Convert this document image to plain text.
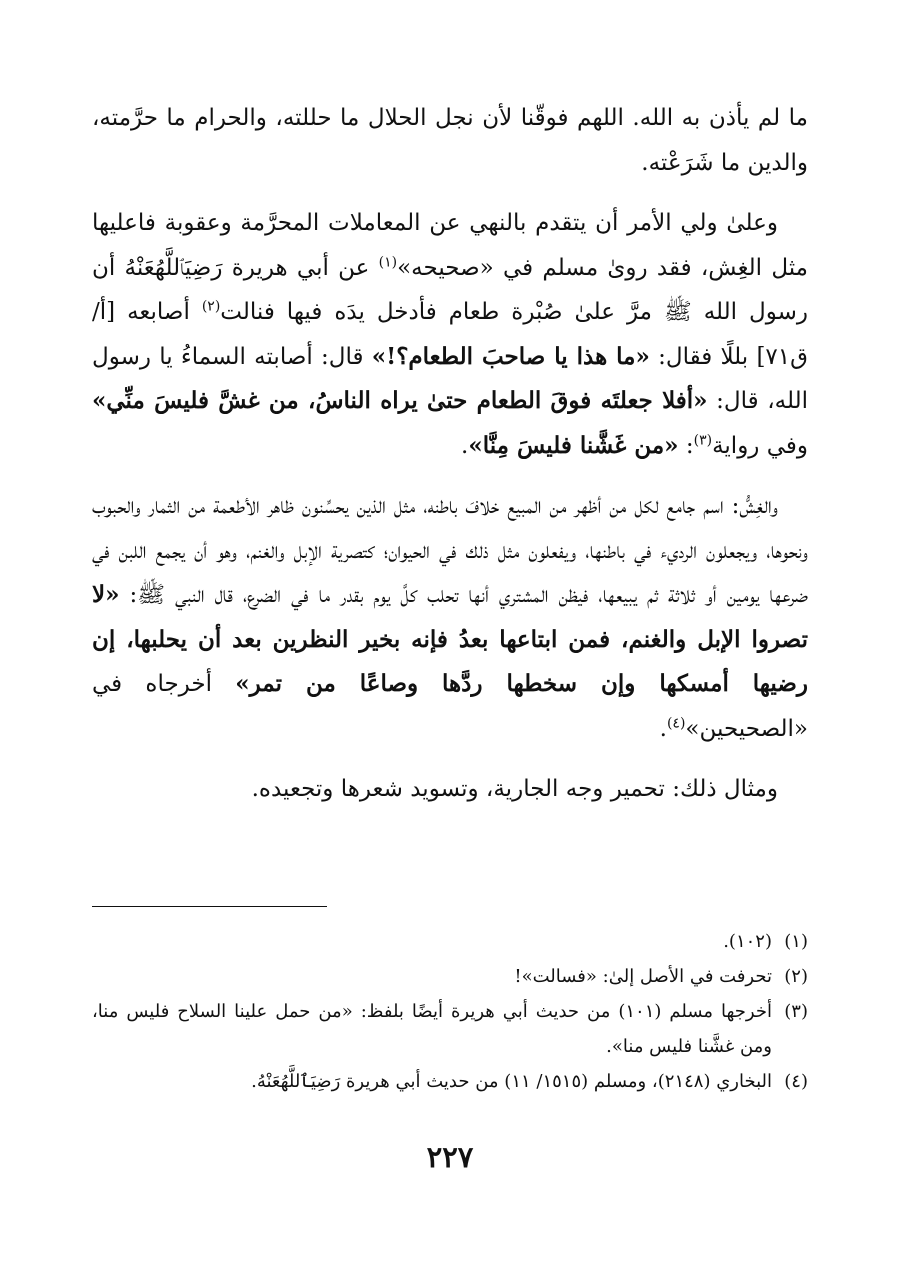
ما لم يأذن به الله. اللهم فوقّنا لأن نجل الحلال ما حللته، والحرام ما حرَّمته، والدين ما شَرَعْته.

وعلىٰ ولي الأمر أن يتقدم بالنهي عن المعاملات المحرَّمة وعقوبة فاعليها مثل الغِش، فقد روىٰ مسلم في «صحيحه»$^{(١)}$ عن أبي هريرة رَضِيَٱللَّهُعَنْهُ أن رسول الله ﷺ مرَّ علىٰ صُبْرة طعام فأدخل يدَه فيها فنالت$^{(٢)}$ أصابعه [أ/ ق٧١] بللًا فقال: «ما هذا يا صاحبَ الطعام؟!» قال: أصابته السماءُ يا رسول الله، قال: «أفلا جعلتَه فوقَ الطعام حتىٰ يراه الناسُ، من غشَّ فليسَ منِّي» وفي رواية$^{(٣)}$: «من غَشَّنا فليسَ مِنَّا».

والغِشُّ: اسم جامع لكل من أظهر من المبيع خلافَ باطنه، مثل الذين يحسِّنون ظاهر الأطعمة من الثمار والحبوب ونحوها، ويجعلون الرديء في باطنها، ويفعلون مثل ذلك في الحيوان؛ كتصرية الإبل والغنم، وهو أن يجمع اللبن في ضرعها يومين أو ثلاثة ثم يبيعها، فيظن المشتري أنها تحلب كلَّ يوم بقدر ما في الضرع، قال النبي ﷺ: «لا تصروا الإبل والغنم، فمن ابتاعها بعدُ فإنه بخير النظرين بعد أن يحلبها، إن رضيها أمسكها وإن سخطها ردَّها وصاعًا من تمر» أخرجاه في «الصحيحين»$^{(٤)}$.

ومثال ذلك: تحمير وجه الجارية، وتسويد شعرها وتجعيده.

(١)
(١٠٢).
(٢)
تحرفت في الأصل إلىٰ: «فسالت»!
(٣)
أخرجها مسلم (١٠١) من حديث أبي هريرة أيضًا بلفظ: «من حمل علينا السلاح فليس منا، ومن غشَّنا فليس منا».
(٤)
البخاري (٢١٤٨)، ومسلم (١٥١٥/ ١١) من حديث أبي هريرة رَضِيَٱللَّهُعَنْهُ.
٢٢٧
